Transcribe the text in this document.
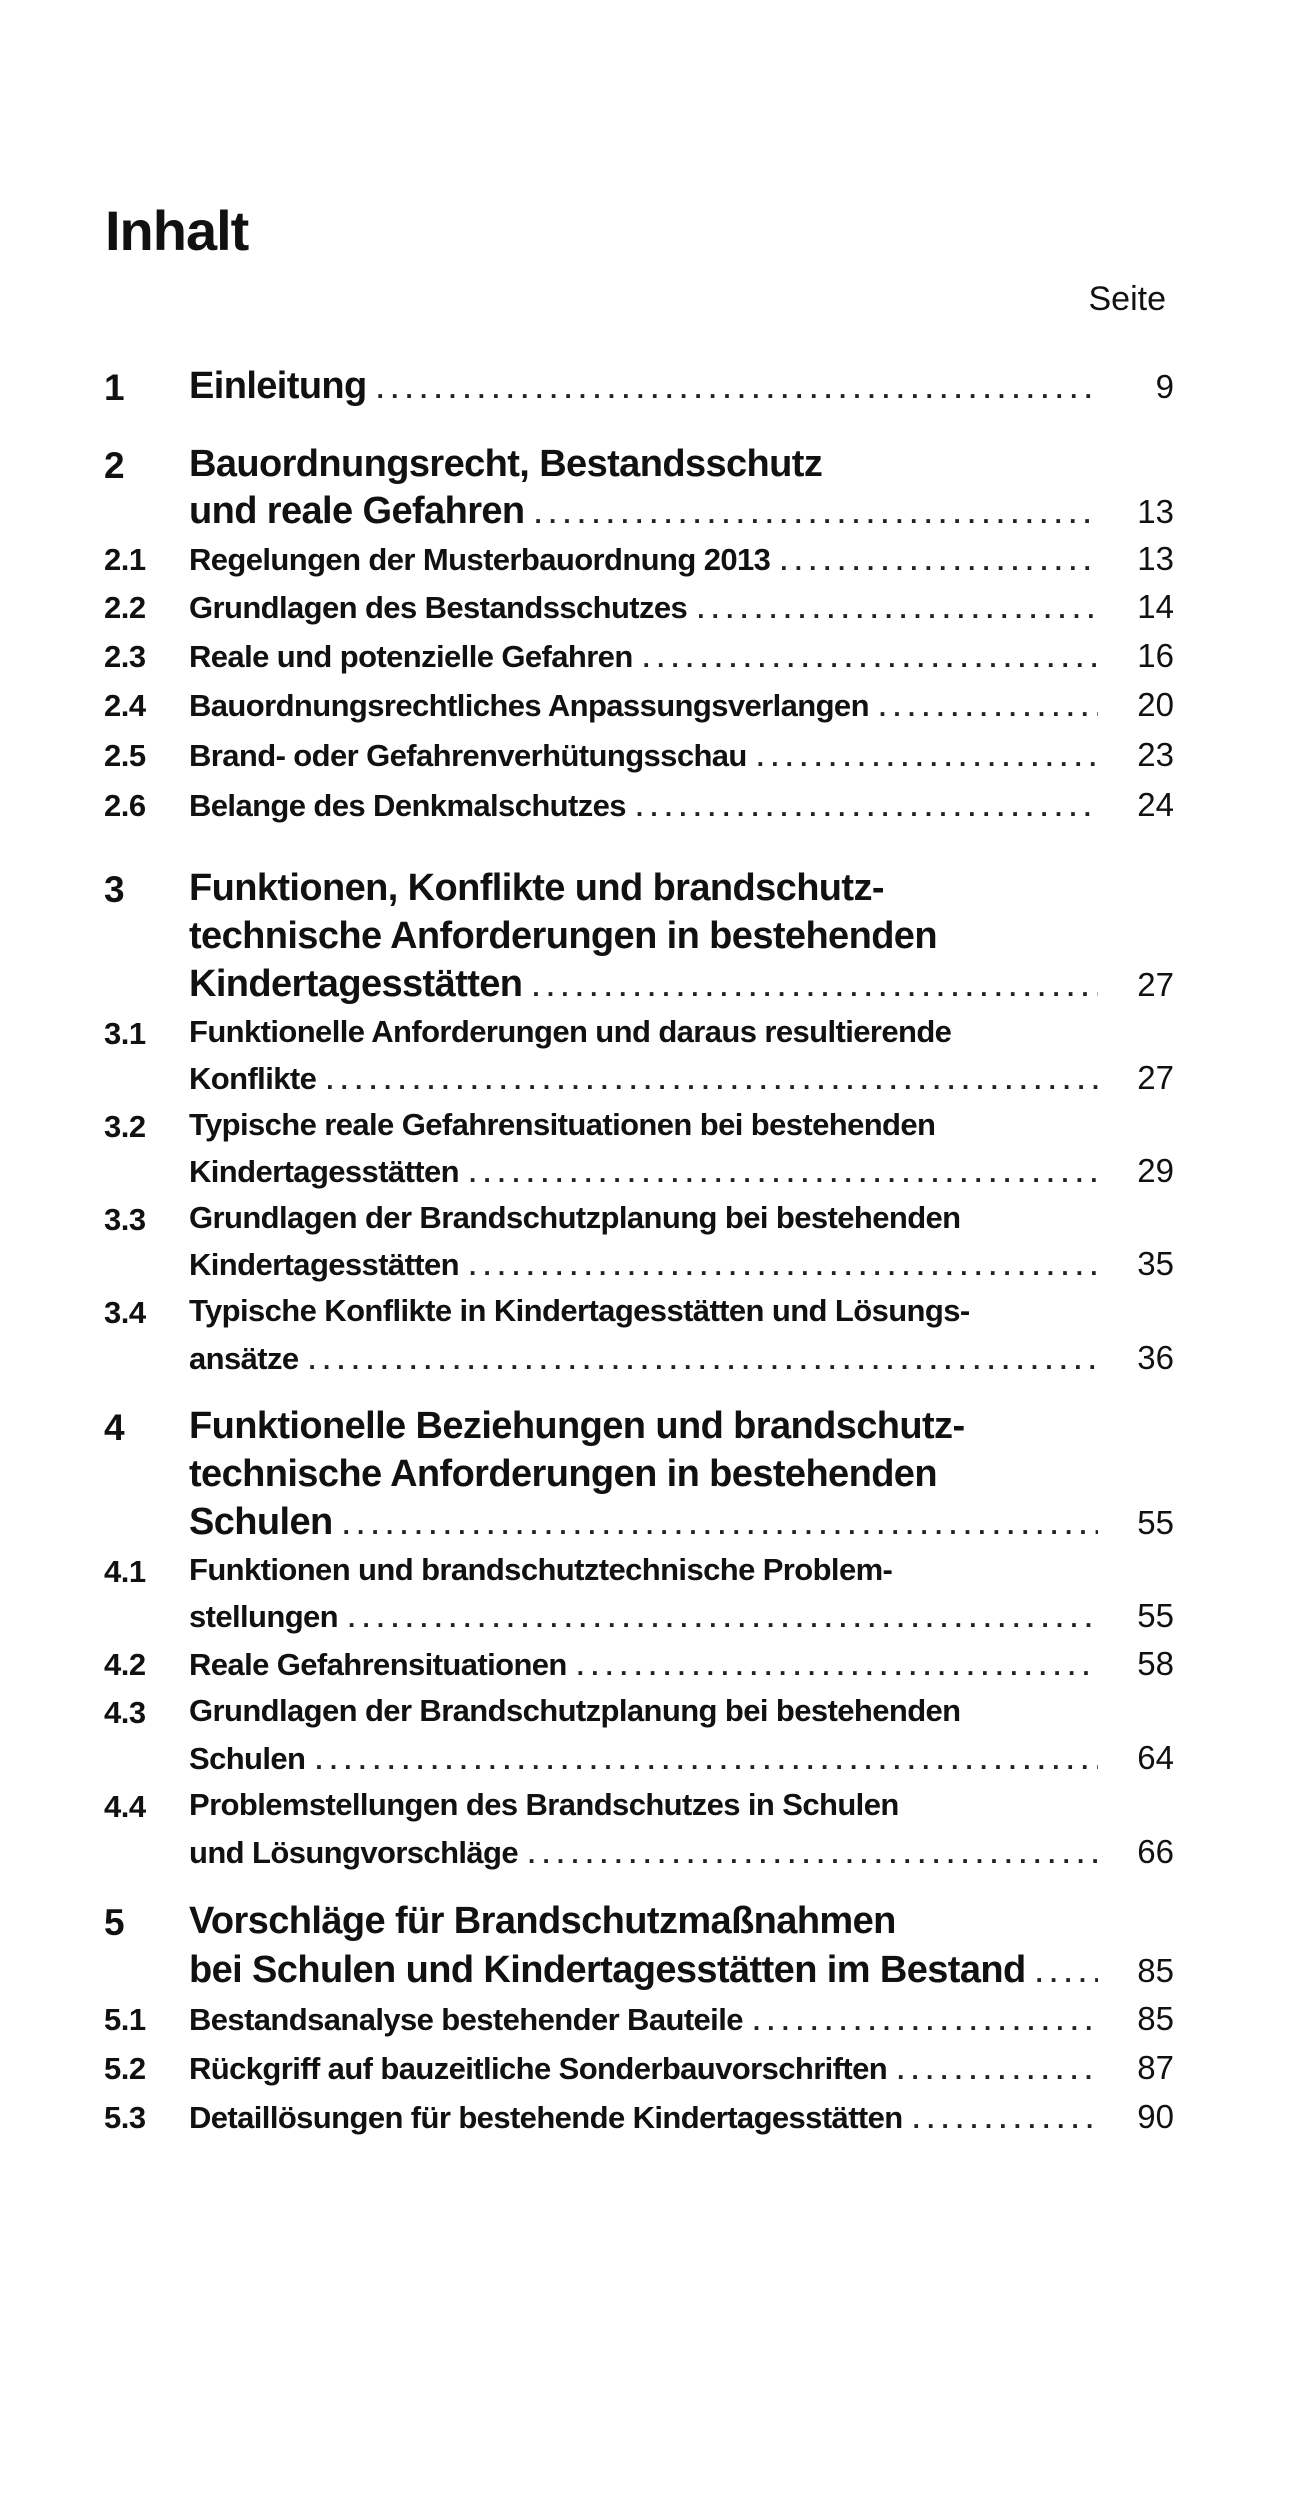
Inhalt
Seite
1 Einleitung . . .	9
2 Bauordnungsrecht, Bestandsschutz
und reale Gefahren . . .	13
2.1 Regelungen der Musterbauordnung 2013 . . .	13
2.2 Grundlagen des Bestandsschutzes . . .	14
2.3 Reale und potenzielle Gefahren . . .	16
2.4 Bauordnungsrechtliches Anpassungsverlangen . . .	20
2.5 Brand- oder Gefahrenverhütungsschau . . .	23
2.6 Belange des Denkmalschutzes . . .	24
3 Funktionen, Konflikte und brandschutz-
technische Anforderungen in bestehenden
Kindertagesstätten . . .	27
3.1 Funktionelle Anforderungen und daraus resultierende
Konflikte . . .	27
3.2 Typische reale Gefahrensituationen bei bestehenden
Kindertagesstätten . . .	29
3.3 Grundlagen der Brandschutzplanung bei bestehenden
Kindertagesstätten . . .	35
3.4 Typische Konflikte in Kindertagesstätten und Lösungs-
ansätze . . .	36
4 Funktionelle Beziehungen und brandschutz-
technische Anforderungen in bestehenden
Schulen . . .	55
4.1 Funktionen und brandschutztechnische Problem-
stellungen . . .	55
4.2 Reale Gefahrensituationen . . .	58
4.3 Grundlagen der Brandschutzplanung bei bestehenden
Schulen . . .	64
4.4 Problemstellungen des Brandschutzes in Schulen
und Lösungvorschläge . . .	66
5 Vorschläge für Brandschutzmaßnahmen
bei Schulen und Kindertagesstätten im Bestand . . .	85
5.1 Bestandsanalyse bestehender Bauteile . . .	85
5.2 Rückgriff auf bauzeitliche Sonderbauvorschriften . . .	87
5.3 Detaillösungen für bestehende Kindertagesstätten . . .	90
